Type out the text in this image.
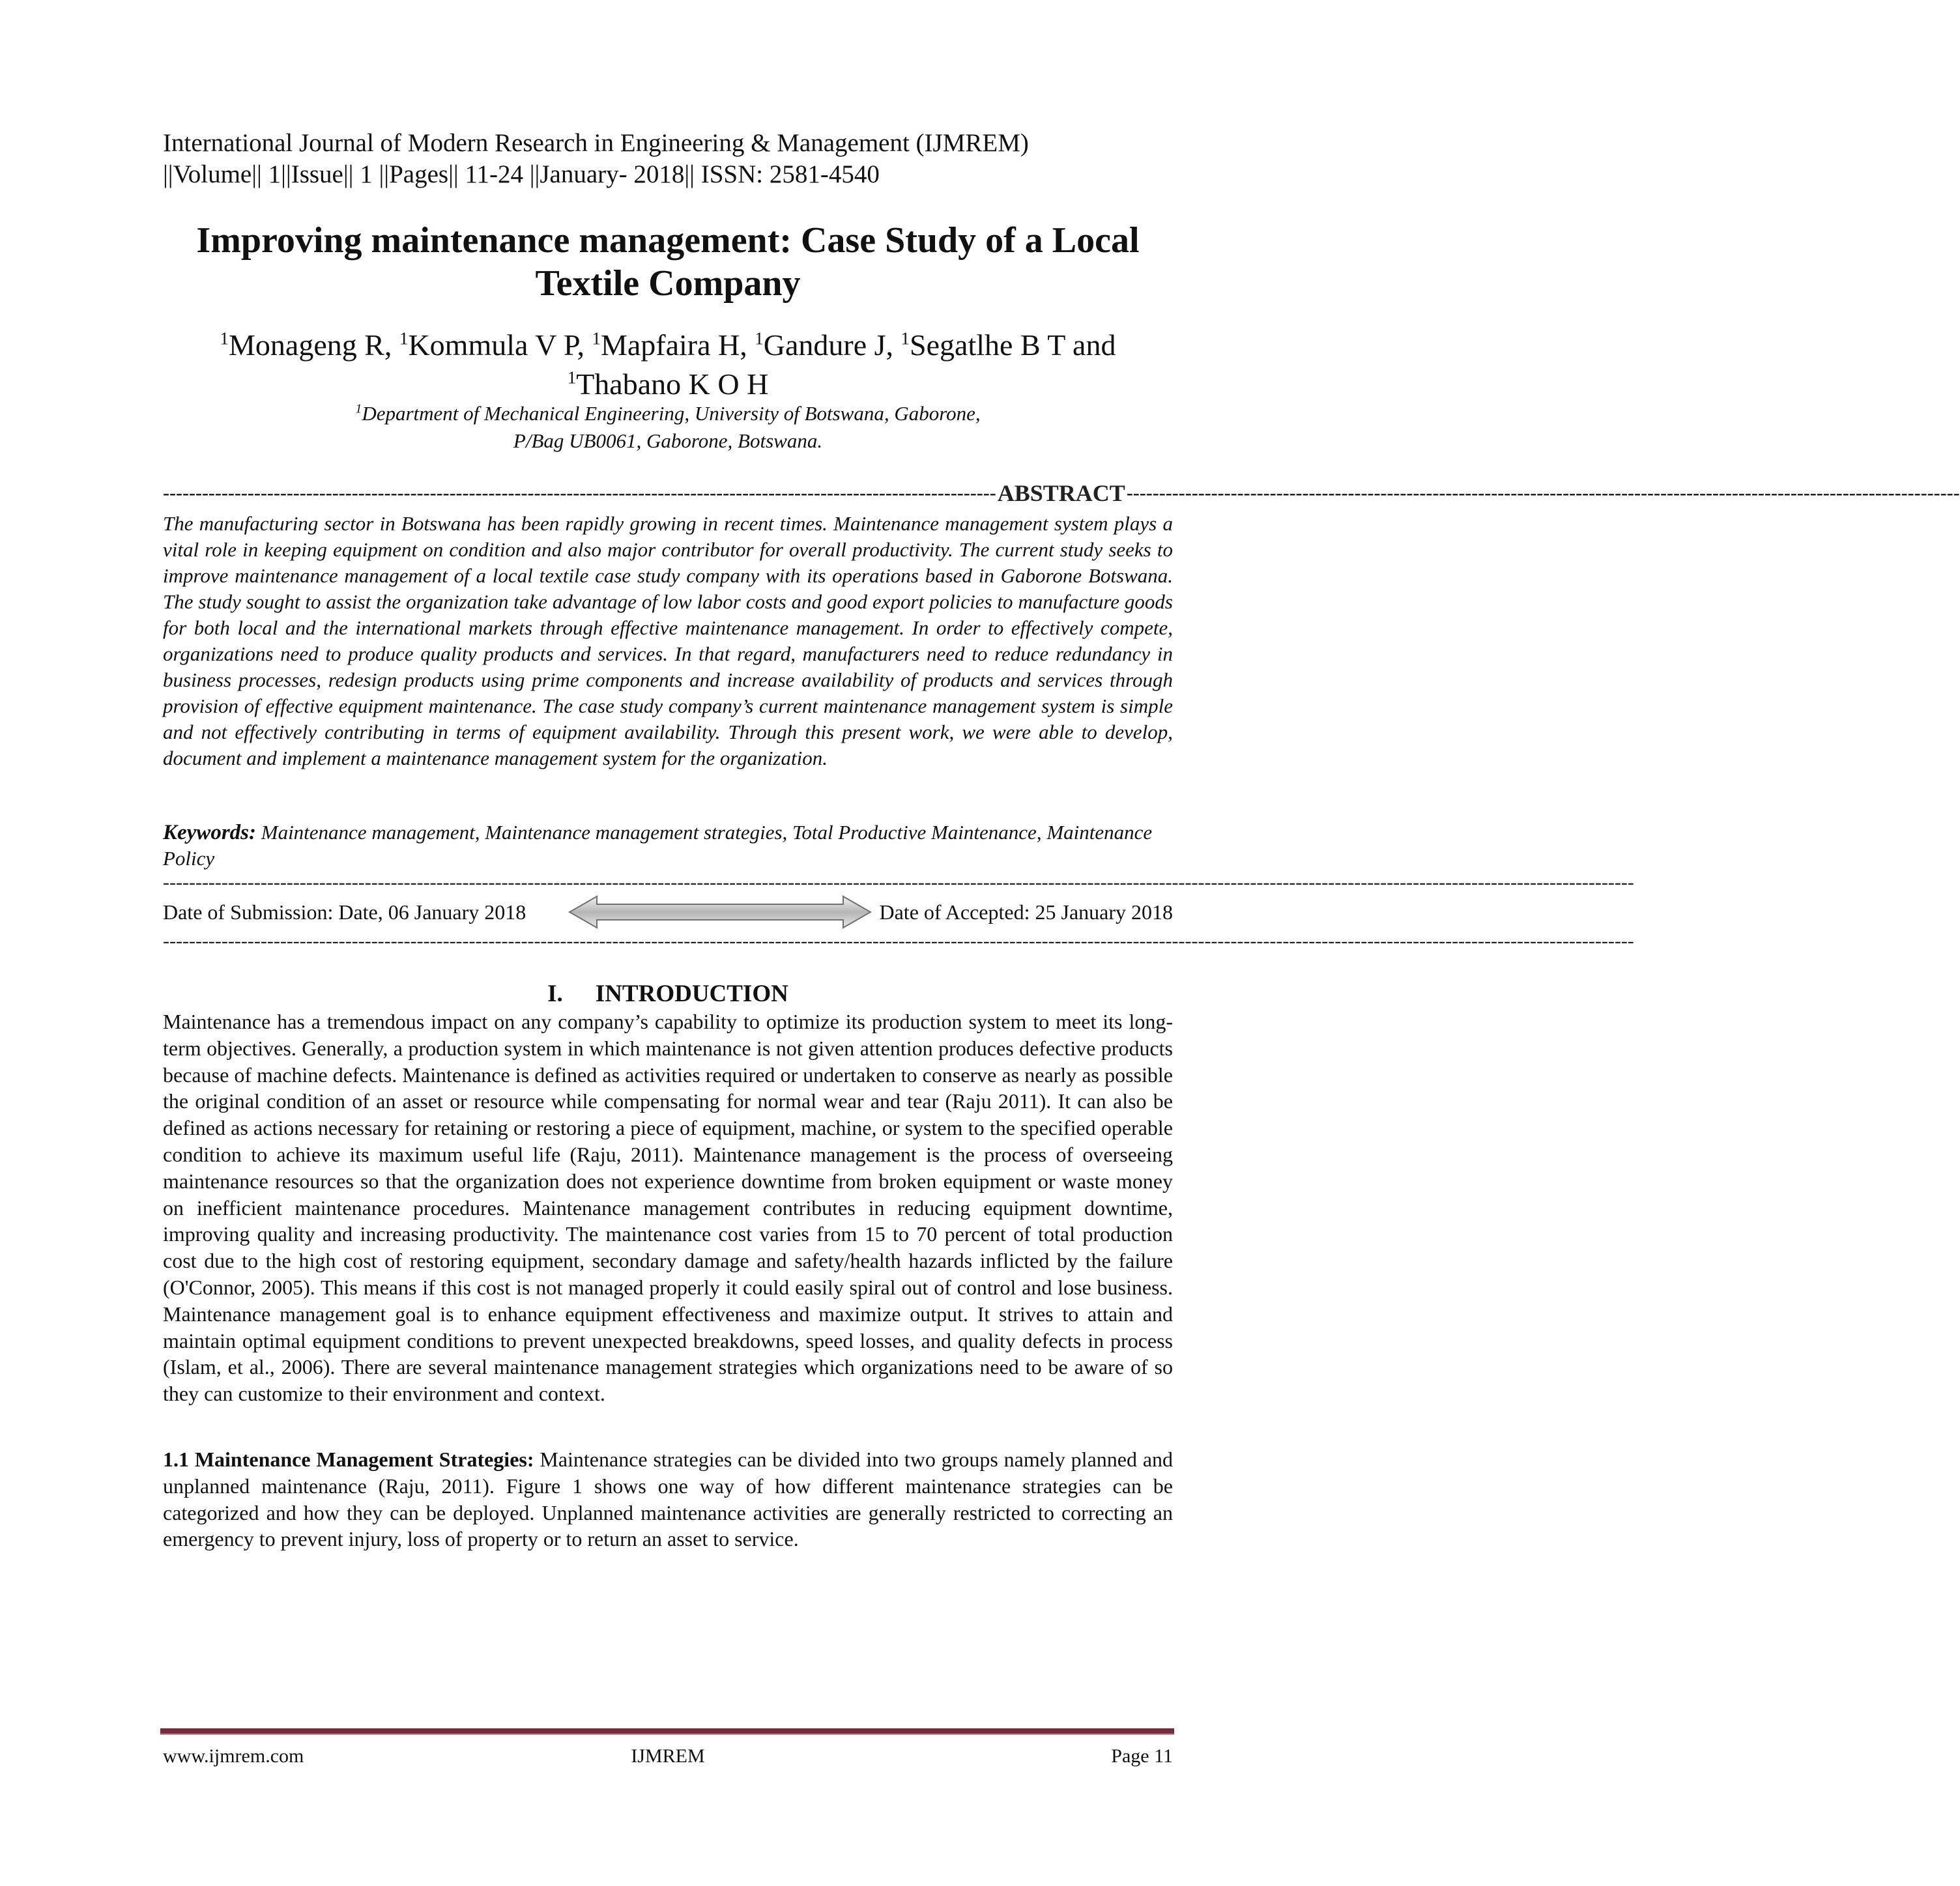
International Journal of Modern Research in Engineering & Management (IJMREM)
||Volume|| 1||Issue|| 1 ||Pages|| 11-24 ||January- 2018|| ISSN: 2581-4540
Improving maintenance management: Case Study of a Local Textile Company
$^1$Monageng R, $^1$Kommula V P, $^1$Mapfaira H, $^1$Gandure J, $^1$Segatlhe B T and
$^1$Thabano K O H
$^1$Department of Mechanical Engineering, University of Botswana, Gaborone,
P/Bag UB0061, Gaborone, Botswana.
-------------------------------------------------------------------------------------------------------------------------------- ABSTRACT --------------------------------------------------------------------------------------------------------------------------------
The manufacturing sector in Botswana has been rapidly growing in recent times. Maintenance management system plays a vital role in keeping equipment on condition and also major contributor for overall productivity. The current study seeks to improve maintenance management of a local textile case study company with its operations based in Gaborone Botswana. The study sought to assist the organization take advantage of low labor costs and good export policies to manufacture goods for both local and the international markets through effective maintenance management. In order to effectively compete, organizations need to produce quality products and services. In that regard, manufacturers need to reduce redundancy in business processes, redesign products using prime components and increase availability of products and services through provision of effective equipment maintenance. The case study company’s current maintenance management system is simple and not effectively contributing in terms of equipment availability. Through this present work, we were able to develop, document and implement a maintenance management system for the organization.
Keywords: Maintenance management, Maintenance management strategies, Total Productive Maintenance, Maintenance Policy
----------------------------------------------------------------------------------------------------------------------------------------------------------------------------------------------------------------------------------
Date of Submission: Date, 06 January 2018	Date of Accepted: 25 January 2018
----------------------------------------------------------------------------------------------------------------------------------------------------------------------------------------------------------------------------------
I. INTRODUCTION
Maintenance has a tremendous impact on any company’s capability to optimize its production system to meet its long-term objectives. Generally, a production system in which maintenance is not given attention produces defective products because of machine defects. Maintenance is defined as activities required or undertaken to conserve as nearly as possible the original condition of an asset or resource while compensating for normal wear and tear (Raju 2011). It can also be defined as actions necessary for retaining or restoring a piece of equipment, machine, or system to the specified operable condition to achieve its maximum useful life (Raju, 2011). Maintenance management is the process of overseeing maintenance resources so that the organization does not experience downtime from broken equipment or waste money on inefficient maintenance procedures. Maintenance management contributes in reducing equipment downtime, improving quality and increasing productivity. The maintenance cost varies from 15 to 70 percent of total production cost due to the high cost of restoring equipment, secondary damage and safety/health hazards inflicted by the failure (O'Connor, 2005). This means if this cost is not managed properly it could easily spiral out of control and lose business. Maintenance management goal is to enhance equipment effectiveness and maximize output. It strives to attain and maintain optimal equipment conditions to prevent unexpected breakdowns, speed losses, and quality defects in process (Islam, et al., 2006). There are several maintenance management strategies which organizations need to be aware of so they can customize to their environment and context.
1.1 Maintenance Management Strategies: Maintenance strategies can be divided into two groups namely planned and unplanned maintenance (Raju, 2011). Figure 1 shows one way of how different maintenance strategies can be categorized and how they can be deployed. Unplanned maintenance activities are generally restricted to correcting an emergency to prevent injury, loss of property or to return an asset to service.
www.ijmrem.com	IJMREM	Page 11
